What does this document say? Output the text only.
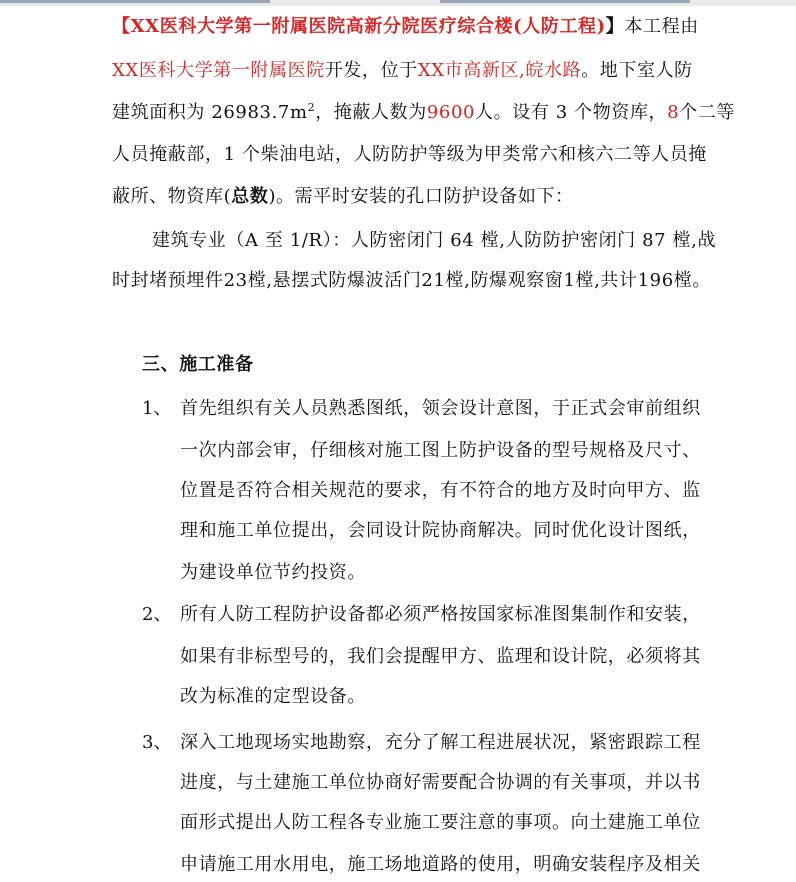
【XX医科大学第一附属医院高新分院医疗综合楼(人防工程)】本工程由
XX医科大学第一附属医院开发，位于XX市高新区,皖水路。地下室人防
建筑面积为 $26983.7m^2$，掩蔽人数为9600人。设有 3 个物资库，8个二等
人员掩蔽部，1 个柴油电站，人防防护等级为甲类常六和核六二等人员掩
蔽所、物资库(总数)。需平时安装的孔口防护设备如下：
建筑专业（A 至 1/R）：人防密闭门 64 樘,人防防护密闭门 87 樘,战
时封堵预埋件23樘,悬摆式防爆波活门21樘,防爆观察窗1樘,共计196樘。
三、施工准备
1、 首先组织有关人员熟悉图纸，领会设计意图，于正式会审前组织
一次内部会审，仔细核对施工图上防护设备的型号规格及尺寸、
位置是否符合相关规范的要求，有不符合的地方及时向甲方、监
理和施工单位提出，会同设计院协商解决。同时优化设计图纸，
为建设单位节约投资。
2、 所有人防工程防护设备都必须严格按国家标准图集制作和安装，
如果有非标型号的，我们会提醒甲方、监理和设计院，必须将其
改为标准的定型设备。
3、 深入工地现场实地勘察，充分了解工程进展状况，紧密跟踪工程
进度，与土建施工单位协商好需要配合协调的有关事项，并以书
面形式提出人防工程各专业施工要注意的事项。向土建施工单位
申请施工用水用电，施工场地道路的使用，明确安装程序及相关
